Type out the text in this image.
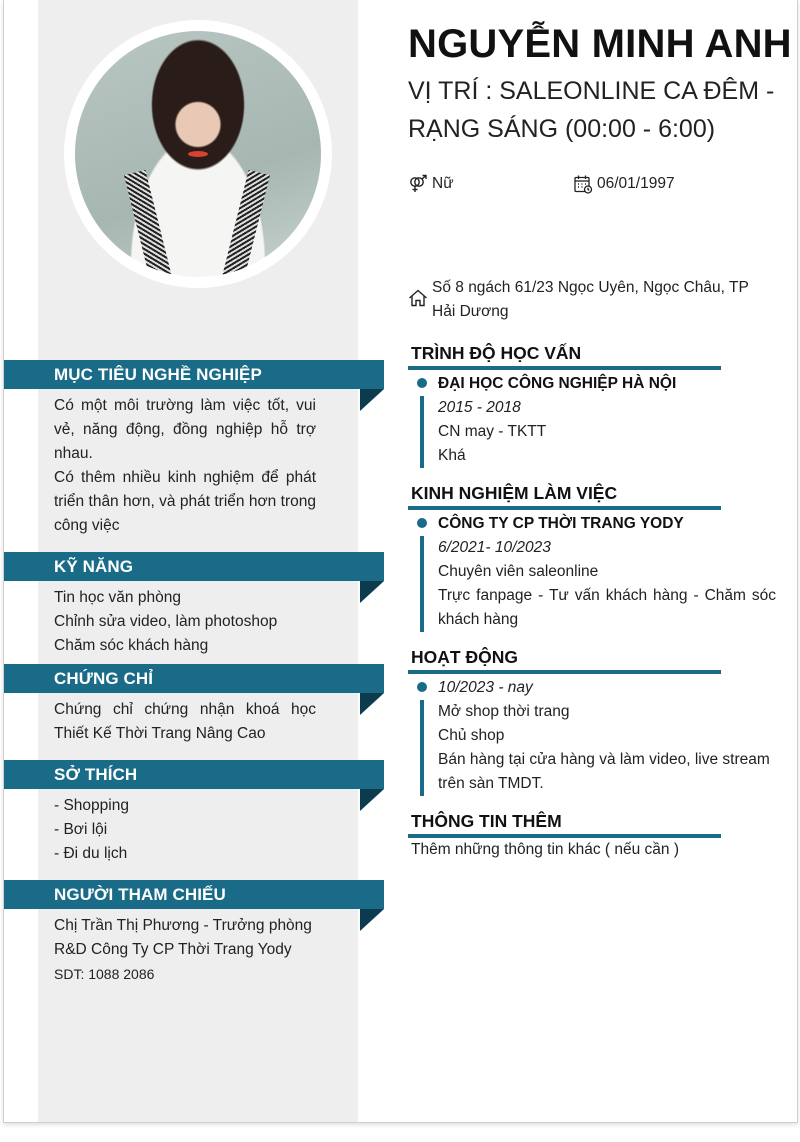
MỤC TIÊU NGHỀ NGHIỆP
Có một môi trường làm việc tốt, vui vẻ, năng động, đồng nghiệp hỗ trợ nhau.
Có thêm nhiều kinh nghiệm để phát triển thân hơn, và phát triển hơn trong công việc
KỸ NĂNG
Tin học văn phòng
Chỉnh sửa video, làm photoshop
Chăm sóc khách hàng
CHỨNG CHỈ
Chứng chỉ chứng nhận khoá học Thiết Kế Thời Trang Nâng Cao
SỞ THÍCH
- Shopping
- Bơi lội
- Đi du lịch
NGƯỜI THAM CHIẾU
Chị Trần Thị Phương - Trưởng phòng R&D Công Ty CP Thời Trang Yody
SDT: 1088 2086
NGUYỄN MINH ANH
VỊ TRÍ : SALEONLINE CA ĐÊM - RẠNG SÁNG (00:00 - 6:00)
Nữ	06/01/1997
Số 8 ngách 61/23 Ngọc Uyên, Ngọc Châu, TP Hải Dương
TRÌNH ĐỘ HỌC VẤN
ĐẠI HỌC CÔNG NGHIỆP HÀ NỘI
2015 - 2018
CN may - TKTT
Khá
KINH NGHIỆM LÀM VIỆC
CÔNG TY CP THỜI TRANG YODY
6/2021- 10/2023
Chuyên viên saleonline
Trực fanpage - Tư vấn khách hàng - Chăm sóc khách hàng
HOẠT ĐỘNG
10/2023 - nay
Mở shop thời trang
Chủ shop
Bán hàng tại cửa hàng và làm video, live stream trên sàn TMDT.
THÔNG TIN THÊM
Thêm những thông tin khác ( nếu cần )
